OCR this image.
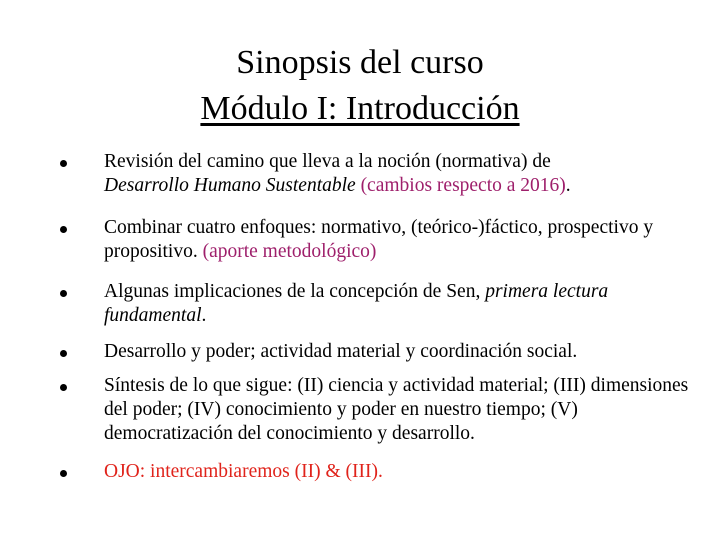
Sinopsis del curso
Módulo I: Introducción
Revisión del camino que lleva a la noción (normativa) de
Desarrollo Humano Sustentable (cambios respecto a 2016).
Combinar cuatro enfoques: normativo, (teórico-)fáctico, prospectivo y propositivo. (aporte metodológico)
Algunas implicaciones de la concepción de Sen, primera lectura fundamental.
Desarrollo y poder; actividad material y coordinación social.
Síntesis de lo que sigue: (II) ciencia y actividad material; (III) dimensiones del poder; (IV) conocimiento y poder en nuestro tiempo; (V) democratización del conocimiento y desarrollo.
OJO: intercambiaremos (II) & (III).
